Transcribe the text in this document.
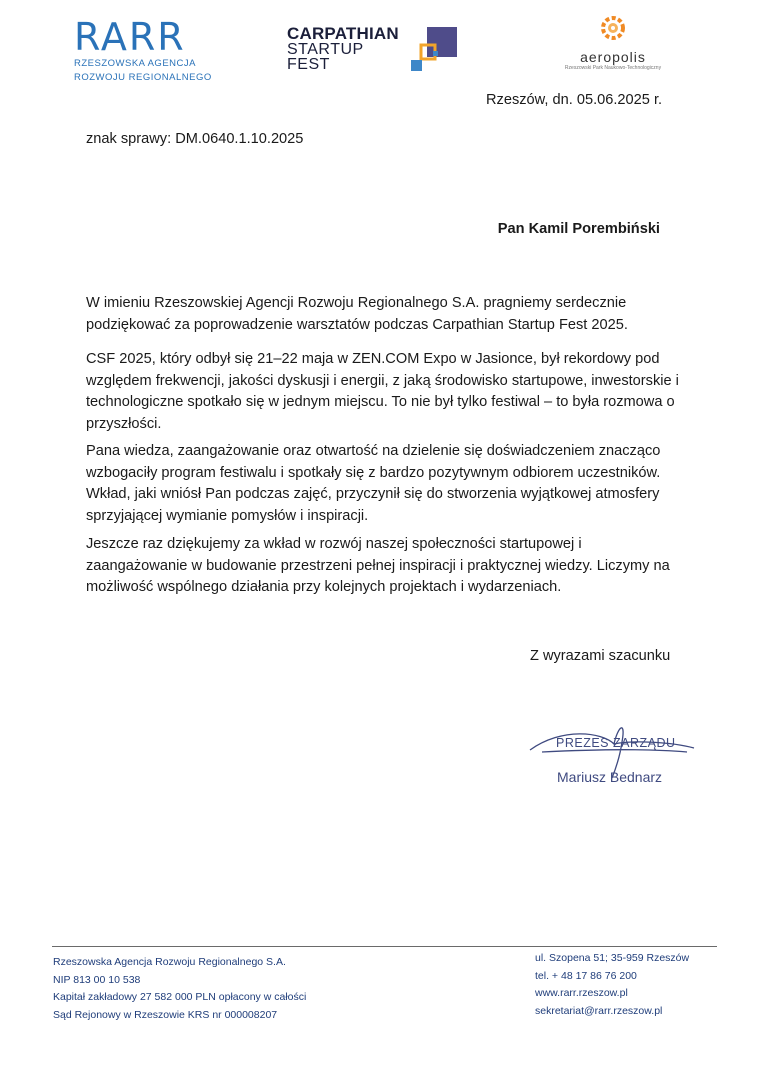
RARR
RZESZOWSKA AGENCJA
ROZWOJU REGIONALNEGO
CARPATHIAN
STARTUP
FEST	aeropolis
Rzeszowski Park Naukowo-Technologiczny
Rzeszów, dn. 05.06.2025 r.
znak sprawy: DM.0640.1.10.2025
Pan Kamil Porembiński
W imieniu Rzeszowskiej Agencji Rozwoju Regionalnego S.A. pragniemy serdecznie podziękować za poprowadzenie warsztatów podczas Carpathian Startup Fest 2025.
CSF 2025, który odbył się 21–22 maja w ZEN.COM Expo w Jasionce, był rekordowy pod względem frekwencji, jakości dyskusji i energii, z jaką środowisko startupowe, inwestorskie i technologiczne spotkało się w jednym miejscu. To nie był tylko festiwal – to była rozmowa o przyszłości.
Pana wiedza, zaangażowanie oraz otwartość na dzielenie się doświadczeniem znacząco wzbogaciły program festiwalu i spotkały się z bardzo pozytywnym odbiorem uczestników. Wkład, jaki wniósł Pan podczas zajęć, przyczynił się do stworzenia wyjątkowej atmosfery sprzyjającej wymianie pomysłów i inspiracji.
Jeszcze raz dziękujemy za wkład w rozwój naszej społeczności startupowej i zaangażowanie w budowanie przestrzeni pełnej inspiracji i praktycznej wiedzy. Liczymy na możliwość wspólnego działania przy kolejnych projektach i wydarzeniach.
Z wyrazami szacunku
PREZES ZARZĄDU
Mariusz Bednarz
Rzeszowska Agencja Rozwoju Regionalnego S.A.
NIP 813 00 10 538
Kapitał zakładowy 27 582 000 PLN opłacony w całości
Sąd Rejonowy w Rzeszowie KRS nr 000008207
ul. Szopena 51; 35-959 Rzeszów
tel. + 48 17 86 76 200
www.rarr.rzeszow.pl
sekretariat@rarr.rzeszow.pl
